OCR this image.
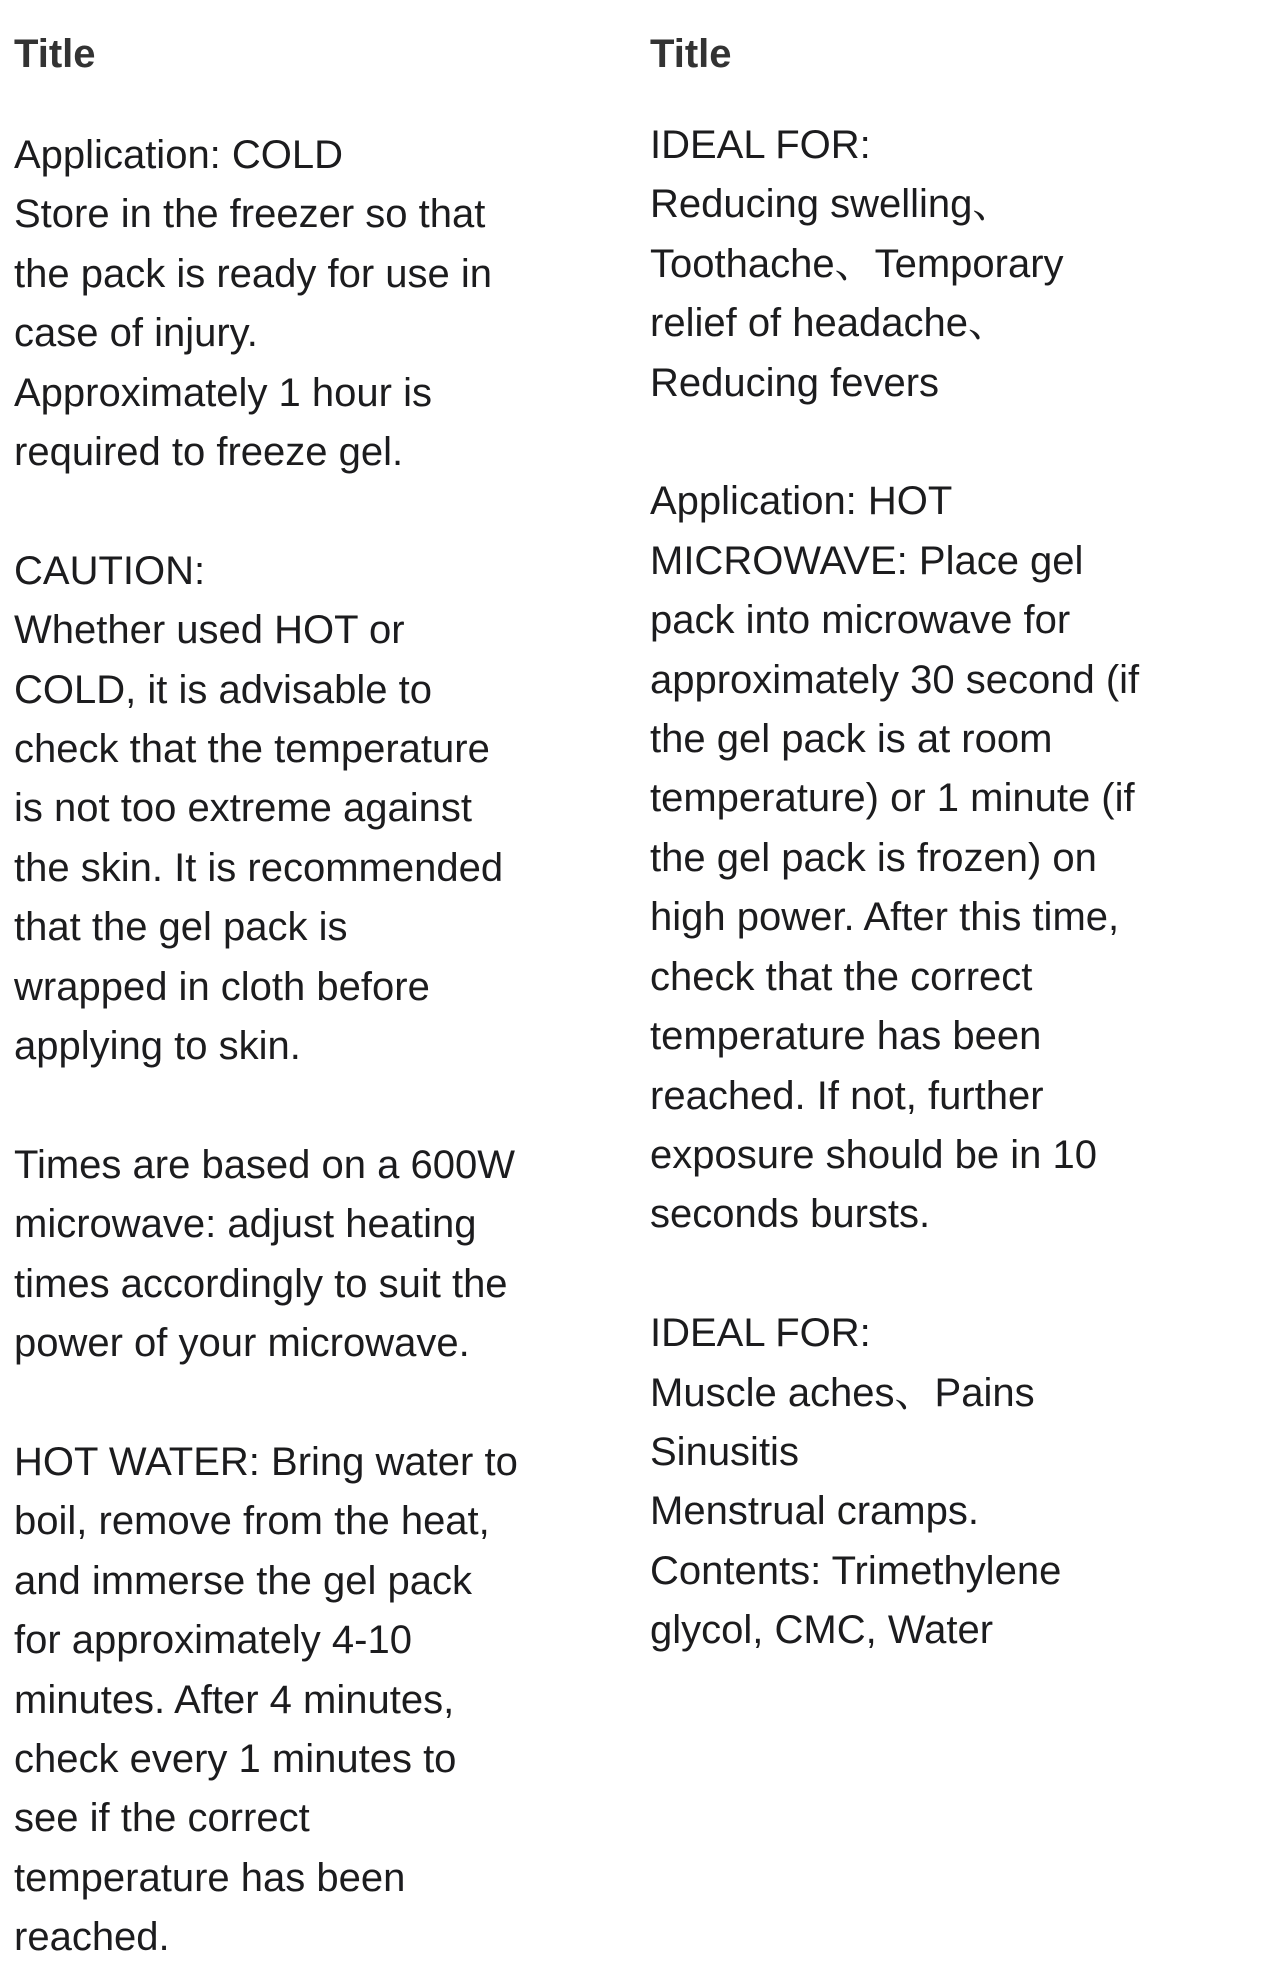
Title

Application: COLD
Store in the freezer so that
the pack is ready for use in
case of injury.
Approximately 1 hour is
required to freeze gel.

CAUTION:
Whether used HOT or
COLD, it is advisable to
check that the temperature
is not too extreme against
the skin. It is recommended
that the gel pack is
wrapped in cloth before
applying to skin.

Times are based on a 600W
microwave: adjust heating
times accordingly to suit the
power of your microwave.

HOT WATER: Bring water to
boil, remove from the heat,
and immerse the gel pack
for approximately 4-10
minutes. After 4 minutes,
check every 1 minutes to
see if the correct
temperature has been
reached.

Title

IDEAL FOR:
Reducing swelling、
Toothache、Temporary
relief of headache、
Reducing fevers

Application: HOT
MICROWAVE: Place gel
pack into microwave for
approximately 30 second (if
the gel pack is at room
temperature) or 1 minute (if
the gel pack is frozen) on
high power. After this time,
check that the correct
temperature has been
reached. If not, further
exposure should be in 10
seconds bursts.

IDEAL FOR:
Muscle aches、Pains
Sinusitis
Menstrual cramps.
Contents: Trimethylene
glycol, CMC, Water
